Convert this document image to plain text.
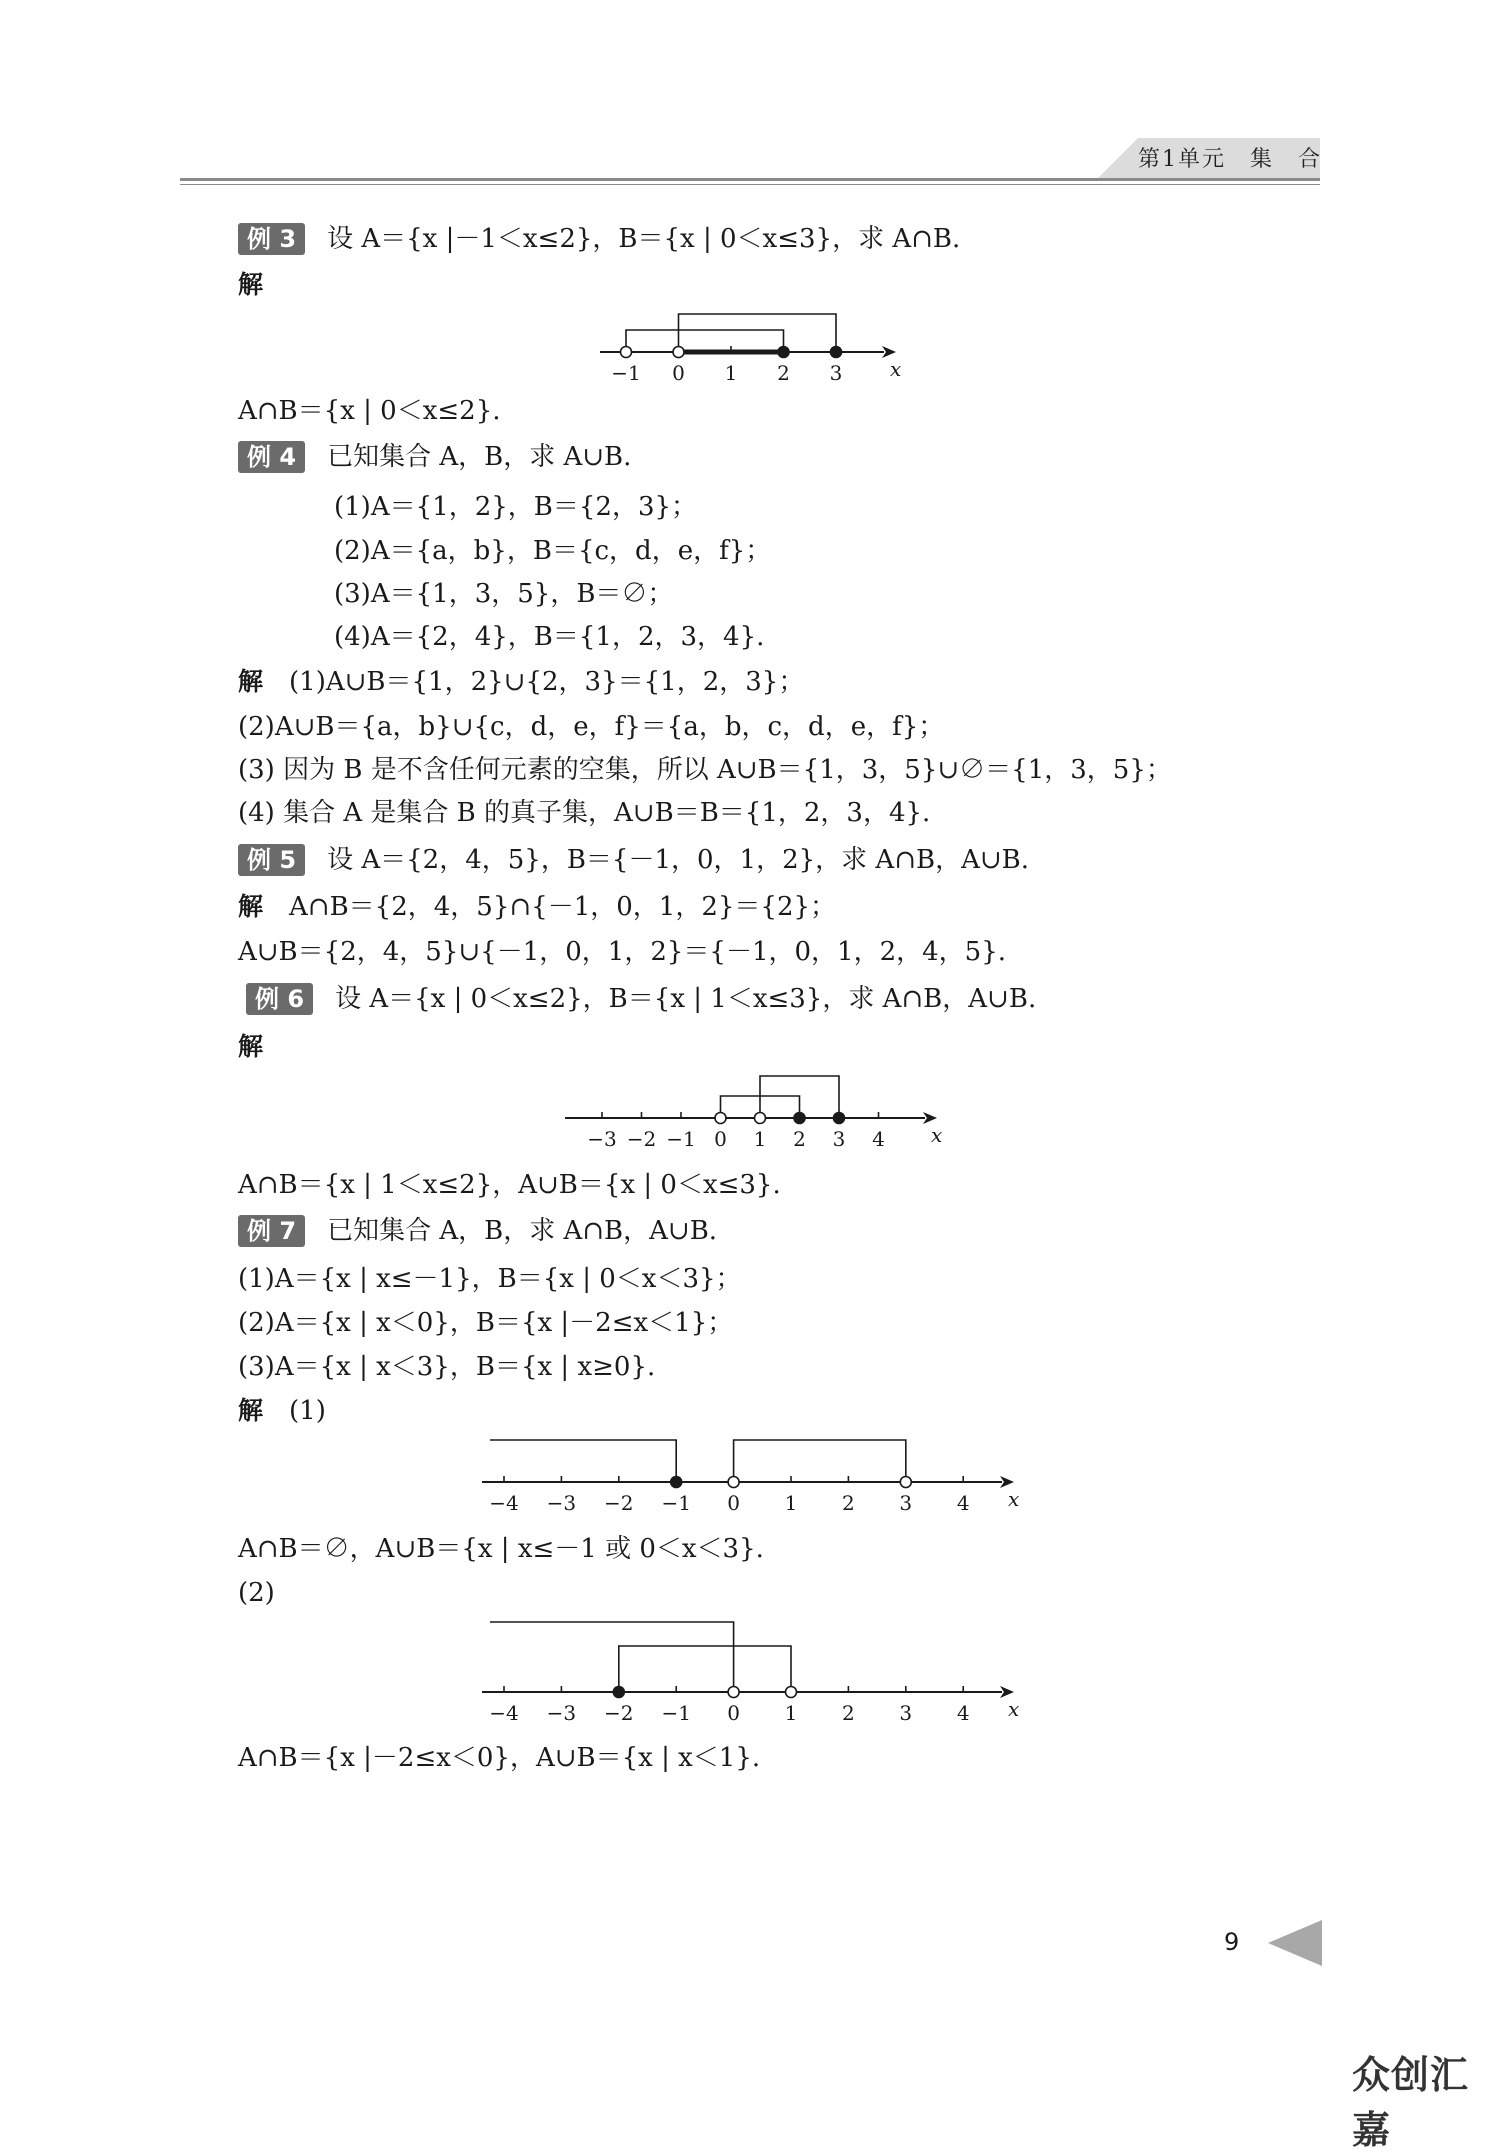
第1单元　集　合
例 3 设 A＝{x |－1＜x≤2}，B＝{x | 0＜x≤3}，求 A∩B.
解
−1 0 1 2 3 x
A∩B＝{x | 0＜x≤2}.
例 4 已知集合 A，B，求 A∪B.
(1)A＝{1，2}，B＝{2，3}；
(2)A＝{a，b}，B＝{c，d，e，f}；
(3)A＝{1，3，5}，B＝∅；
(4)A＝{2，4}，B＝{1，2，3，4}.
解 (1)A∪B＝{1，2}∪{2，3}＝{1，2，3}；
(2)A∪B＝{a，b}∪{c，d，e，f}＝{a，b，c，d，e，f}；
(3) 因为 B 是不含任何元素的空集，所以 A∪B＝{1，3，5}∪∅＝{1，3，5}；
(4) 集合 A 是集合 B 的真子集，A∪B＝B＝{1，2，3，4}.
例 5 设 A＝{2，4，5}，B＝{－1，0，1，2}，求 A∩B，A∪B.
解 A∩B＝{2，4，5}∩{－1，0，1，2}＝{2}；
A∪B＝{2，4，5}∪{－1，0，1，2}＝{－1，0，1，2，4，5}.
例 6 设 A＝{x | 0＜x≤2}，B＝{x | 1＜x≤3}，求 A∩B，A∪B.
解
−3 −2 −1 0 1 2 3 4 x
A∩B＝{x | 1＜x≤2}，A∪B＝{x | 0＜x≤3}.
例 7 已知集合 A，B，求 A∩B，A∪B.
(1)A＝{x | x≤－1}，B＝{x | 0＜x＜3}；
(2)A＝{x | x＜0}，B＝{x |－2≤x＜1}；
(3)A＝{x | x＜3}，B＝{x | x≥0}.
解 (1)
−4 −3 −2 −1 0 1 2 3 4 x
A∩B＝∅，A∪B＝{x | x≤－1 或 0＜x＜3}.
(2)
−4 −3 −2 −1 0 1 2 3 4 x
A∩B＝{x |－2≤x＜0}，A∪B＝{x | x＜1}.
9
众创汇嘉
